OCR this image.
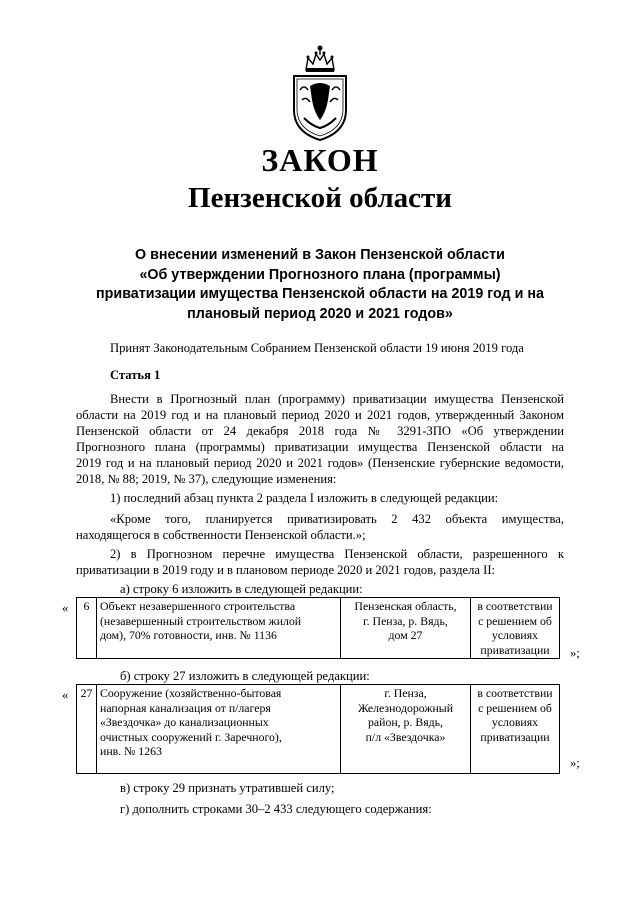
ЗАКОН
Пензенской области
О внесении изменений в Закон Пензенской области
«Об утверждении Прогнозного плана (программы)
приватизации имущества Пензенской области на 2019 год и на
плановый период 2020 и 2021 годов»
Принят Законодательным Собранием Пензенской области 19 июня 2019 года
Статья 1
Внести в Прогнозный план (программу) приватизации имущества Пензенской
области на 2019 год и на плановый период 2020 и 2021 годов, утвержденный Законом
Пензенской области от 24 декабря 2018 года № 3291-ЗПО «Об утверждении
Прогнозного плана (программы) приватизации имущества Пензенской области на
2019 год и на плановый период 2020 и 2021 годов» (Пензенские губернские ведомости,
2018, № 88; 2019, № 37), следующие изменения:
1) последний абзац пункта 2 раздела I изложить в следующей редакции:
«Кроме того, планируется приватизировать 2 432 объекта имущества,
находящегося в собственности Пензенской области.»;
2) в Прогнозном перечне имущества Пензенской области, разрешенного к
приватизации в 2019 году и в плановом периоде 2020 и 2021 годов, раздела II:
а) строку 6 изложить в следующей редакции:
« 6	Объект незавершенного строительства
(незавершенный строительством жилой
дом), 70% готовности, инв. № 1136

Пензенская область,
г. Пенза, р. Вядь,
дом 27

в соответствии
с решением об
условиях
приватизации	»;
б) строку 27 изложить в следующей редакции:
« 27	Сооружение (хозяйственно-бытовая
напорная канализация от п/лагеря
«Звездочка» до канализационных
очистных сооружений г. Заречного),
инв. № 1263

г. Пенза,
Железнодорожный
район, р. Вядь,
п/л «Звездочка»

в соответствии
с решением об
условиях
приватизации
»;
в) строку 29 признать утратившей силу;
г) дополнить строками 30–2 433 следующего содержания:
